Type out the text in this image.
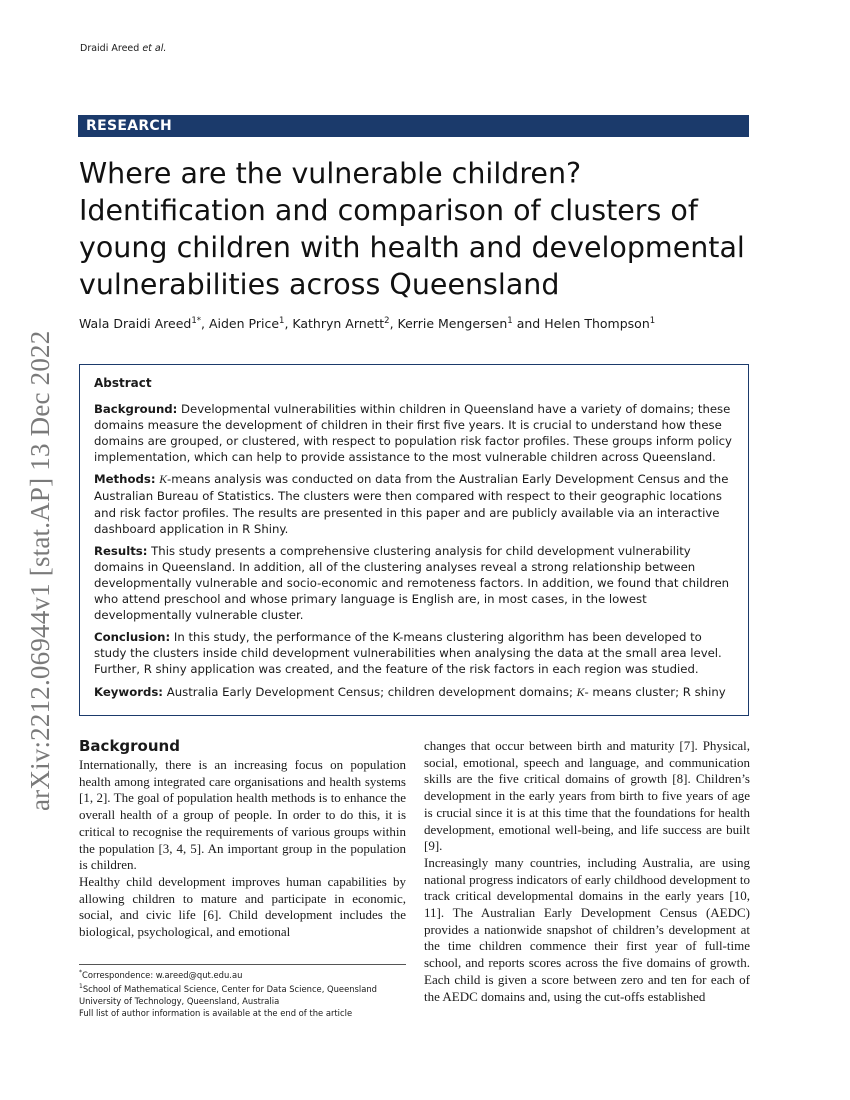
Draidi Areed et al.
arXiv:2212.06944v1 [stat.AP] 13 Dec 2022
RESEARCH
Where are the vulnerable children? Identification and comparison of clusters of young children with health and developmental vulnerabilities across Queensland
Wala Draidi Areed$^{1*}$, Aiden Price$^1$, Kathryn Arnett$^2$, Kerrie Mengersen$^1$ and Helen Thompson$^1$
Abstract

Background: Developmental vulnerabilities within children in Queensland have a variety of domains; these domains measure the development of children in their first five years. It is crucial to understand how these domains are grouped, or clustered, with respect to population risk factor profiles. These groups inform policy implementation, which can help to provide assistance to the most vulnerable children across Queensland.

Methods: K-means analysis was conducted on data from the Australian Early Development Census and the Australian Bureau of Statistics. The clusters were then compared with respect to their geographic locations and risk factor profiles. The results are presented in this paper and are publicly available via an interactive dashboard application in R Shiny.

Results: This study presents a comprehensive clustering analysis for child development vulnerability domains in Queensland. In addition, all of the clustering analyses reveal a strong relationship between developmentally vulnerable and socio-economic and remoteness factors. In addition, we found that children who attend preschool and whose primary language is English are, in most cases, in the lowest developmentally vulnerable cluster.

Conclusion: In this study, the performance of the K-means clustering algorithm has been developed to study the clusters inside child development vulnerabilities when analysing the data at the small area level. Further, R shiny application was created, and the feature of the risk factors in each region was studied.

Keywords: Australia Early Development Census; children development domains; K- means cluster; R shiny

Background

Internationally, there is an increasing focus on population health among integrated care organisations and health systems [1, 2]. The goal of population health methods is to enhance the overall health of a group of people. In order to do this, it is critical to recognise the requirements of various groups within the population [3, 4, 5]. An important group in the population is children.

Healthy child development improves human capabilities by allowing children to mature and participate in economic, social, and civic life [6]. Child development includes the biological, psychological, and emotional

changes that occur between birth and maturity [7]. Physical, social, emotional, speech and language, and communication skills are the five critical domains of growth [8]. Children’s development in the early years from birth to five years of age is crucial since it is at this time that the foundations for health development, emotional well-being, and life success are built [9].

Increasingly many countries, including Australia, are using national progress indicators of early childhood development to track critical developmental domains in the early years [10, 11]. The Australian Early Development Census (AEDC) provides a nationwide snapshot of children’s development at the time children commence their first year of full-time school, and reports scores across the five domains of growth. Each child is given a score between zero and ten for each of the AEDC domains and, using the cut-offs established

*Correspondence: w.areed@qut.edu.au
$^1$School of Mathematical Science, Center for Data Science, Queensland
University of Technology, Queensland, Australia
Full list of author information is available at the end of the article
